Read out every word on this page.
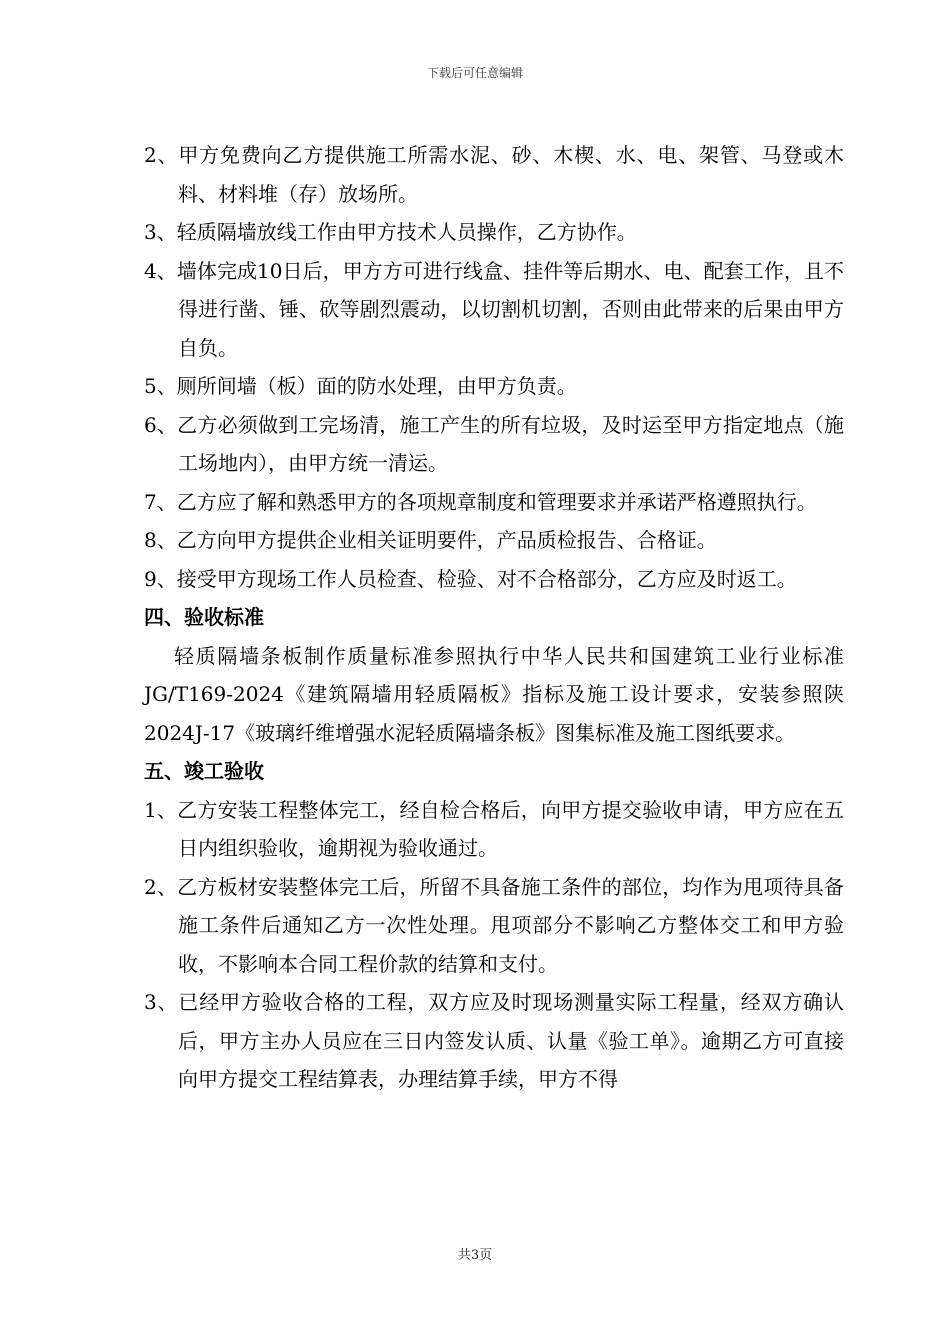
下载后可任意编辑
2、甲方免费向乙方提供施工所需水泥、砂、木楔、水、电、架管、马登或木料、材料堆（存）放场所。
3、轻质隔墙放线工作由甲方技术人员操作，乙方协作。
4、墙体完成10日后，甲方方可进行线盒、挂件等后期水、电、配套工作，且不得进行凿、锤、砍等剧烈震动，以切割机切割，否则由此带来的后果由甲方自负。
5、厕所间墙（板）面的防水处理，由甲方负责。
6、乙方必须做到工完场清，施工产生的所有垃圾，及时运至甲方指定地点（施工场地内），由甲方统一清运。
7、乙方应了解和熟悉甲方的各项规章制度和管理要求并承诺严格遵照执行。
8、乙方向甲方提供企业相关证明要件，产品质检报告、合格证。
9、接受甲方现场工作人员检查、检验、对不合格部分，乙方应及时返工。
四、验收标准
轻质隔墙条板制作质量标准参照执行中华人民共和国建筑工业行业标准JG/T169-2024《建筑隔墙用轻质隔板》指标及施工设计要求，安装参照陕2024J-17《玻璃纤维增强水泥轻质隔墙条板》图集标准及施工图纸要求。
五、竣工验收
1、乙方安装工程整体完工，经自检合格后，向甲方提交验收申请，甲方应在五日内组织验收，逾期视为验收通过。
2、乙方板材安装整体完工后，所留不具备施工条件的部位，均作为甩项待具备施工条件后通知乙方一次性处理。甩项部分不影响乙方整体交工和甲方验收，不影响本合同工程价款的结算和支付。
3、已经甲方验收合格的工程，双方应及时现场测量实际工程量，经双方确认后，甲方主办人员应在三日内签发认质、认量《验工单》。逾期乙方可直接向甲方提交工程结算表，办理结算手续，甲方不得
共3页
